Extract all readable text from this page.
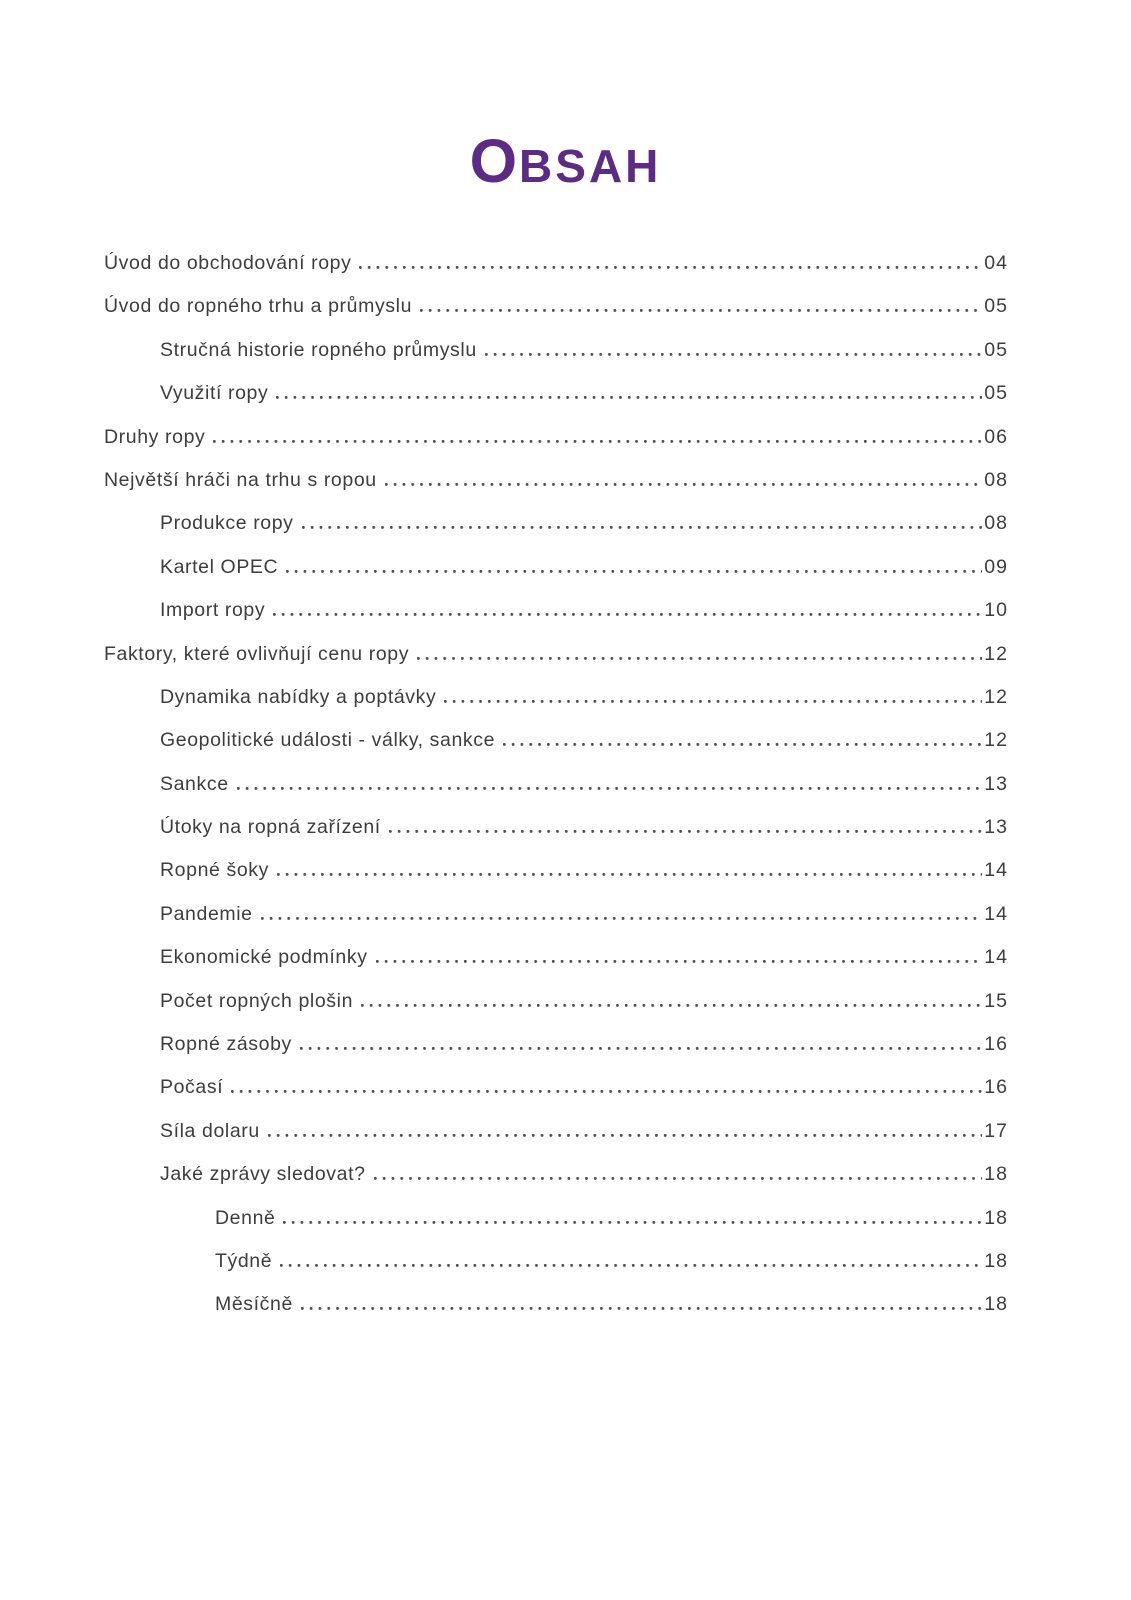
OBSAH
Úvod do obchodování ropy	04
Úvod do ropného trhu a průmyslu	05
Stručná historie ropného průmyslu	05
Využití ropy	05
Druhy ropy	06
Největší hráči na trhu s ropou	08
Produkce ropy	08
Kartel OPEC	09
Import ropy	10
Faktory, které ovlivňují cenu ropy	12
Dynamika nabídky a poptávky	12
Geopolitické události - války, sankce	12
Sankce	13
Útoky na ropná zařízení	13
Ropné šoky	14
Pandemie	14
Ekonomické podmínky	14
Počet ropných plošin	15
Ropné zásoby	16
Počasí	16
Síla dolaru	17
Jaké zprávy sledovat?	18
Denně	18
Týdně	18
Měsíčně	18
